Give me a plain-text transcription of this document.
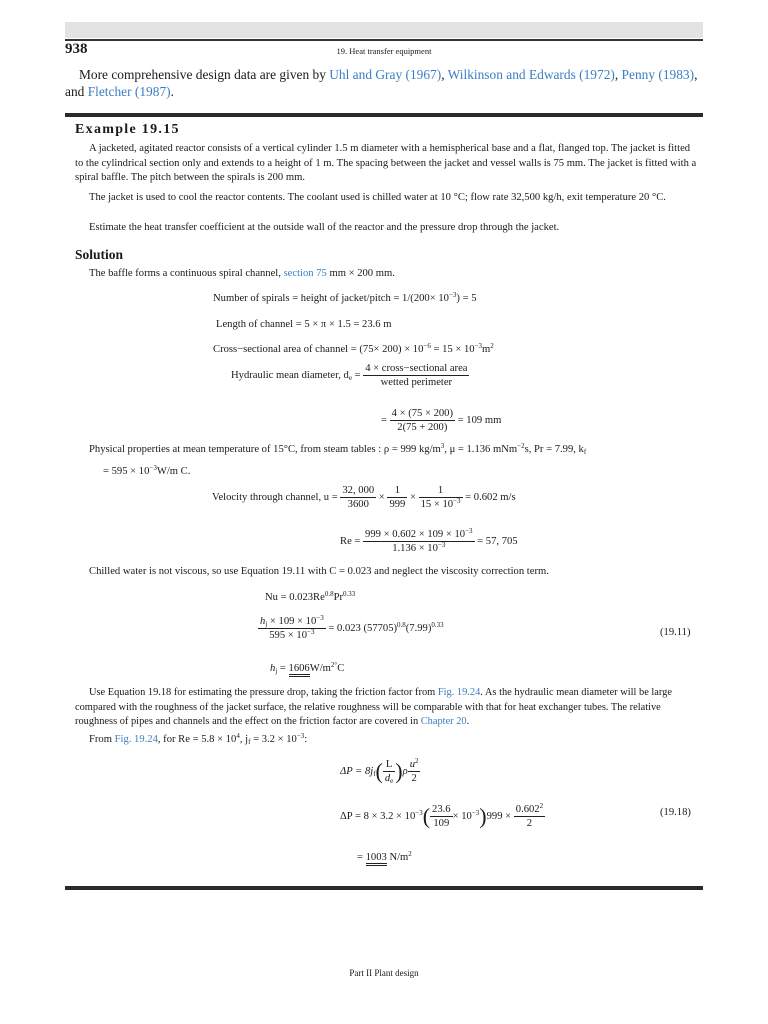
938	19. Heat transfer equipment

More comprehensive design data are given by Uhl and Gray (1967), Wilkinson and Edwards (1972), Penny (1983), and Fletcher (1987).

Example 19.15

A jacketed, agitated reactor consists of a vertical cylinder 1.5 m diameter with a hemispherical base and a flat, flanged top. The jacket is fitted to the cylindrical section only and extends to a height of 1 m. The spacing between the jacket and vessel walls is 75 mm. The jacket is fitted with a spiral baffle. The pitch between the spirals is 200 mm.

The jacket is used to cool the reactor contents. The coolant used is chilled water at 10 °C; flow rate 32,500 kg/h, exit temperature 20 °C.

Estimate the heat transfer coefficient at the outside wall of the reactor and the pressure drop through the jacket.

Solution
The baffle forms a continuous spiral channel, section 75 mm × 200 mm.
Number of spirals = height of jacket/pitch = $1/(200\times 10^{-3}) = 5$
Length of channel = 5 × π × 1.5 = 23.6 m
Cross−sectional area of channel = $(75\times 200) \times 10^{-6} = 15 \times 10^{-3}m^2$
Hydraulic mean diameter, $d_e = \frac{\text{4 × cross−sectional area}}{\text{wetted perimeter}}$
= $\frac{4 \times (75 \times 200)}{2(75 + 200)} = 109$ mm
Physical properties at mean temperature of 15°C, from steam tables : ρ = 999 $kg/m^3$, μ = 1.136 mNm$^{-2}$s, Pr = 7.99, $k_f$
= $595 \times 10^{-3}W/m$ C.
Velocity through channel, $u = \frac{32, 000}{3600} \times \frac{1}{999} \times \frac{1}{15 \times 10^{-3}} = 0.602$ m/s
$Re = \frac{999 \times 0.602 \times 109 \times 10^{-3}}{1.136 \times 10^{-3}} = 57$, 705
Chilled water is not viscous, so use Equation 19.11 with C = 0.023 and neglect the viscosity correction term.
$Nu = 0.023Re^{0.8}Pr^{0.33}$
$\frac{h_j \times 109 \times 10^{-3}}{595 \times 10^{-3}} = 0.023$ $(57705)^{0.8}(7.99)^{0.33}$
(19.11)
$h_j = 1606W/m^{2^\circ}C$

Use Equation 19.18 for estimating the pressure drop, taking the friction factor from Fig. 19.24. As the hydraulic mean diameter will be large compared with the roughness of the jacket surface, the relative roughness will be comparable with that for heat exchanger tubes. The relative roughness of pipes and channels and the effect on the friction factor are covered in Chapter 20.

From Fig. 19.24, for $Re = 5.8 \times 10^4$, $j_f = 3.2 \times 10^{-3}$:
$\Delta P = 8j_f( \frac{L}{d_e} )\rho \frac{u^2}{2}$
$\Delta P = 8 \times 3.2 \times 10^{-3}( \frac{23.6}{109} \times 10^{-3})999 \times \frac{0.602^2}{2}$	(19.18)
= 1003 $N/m^2$
Part II Plant design
